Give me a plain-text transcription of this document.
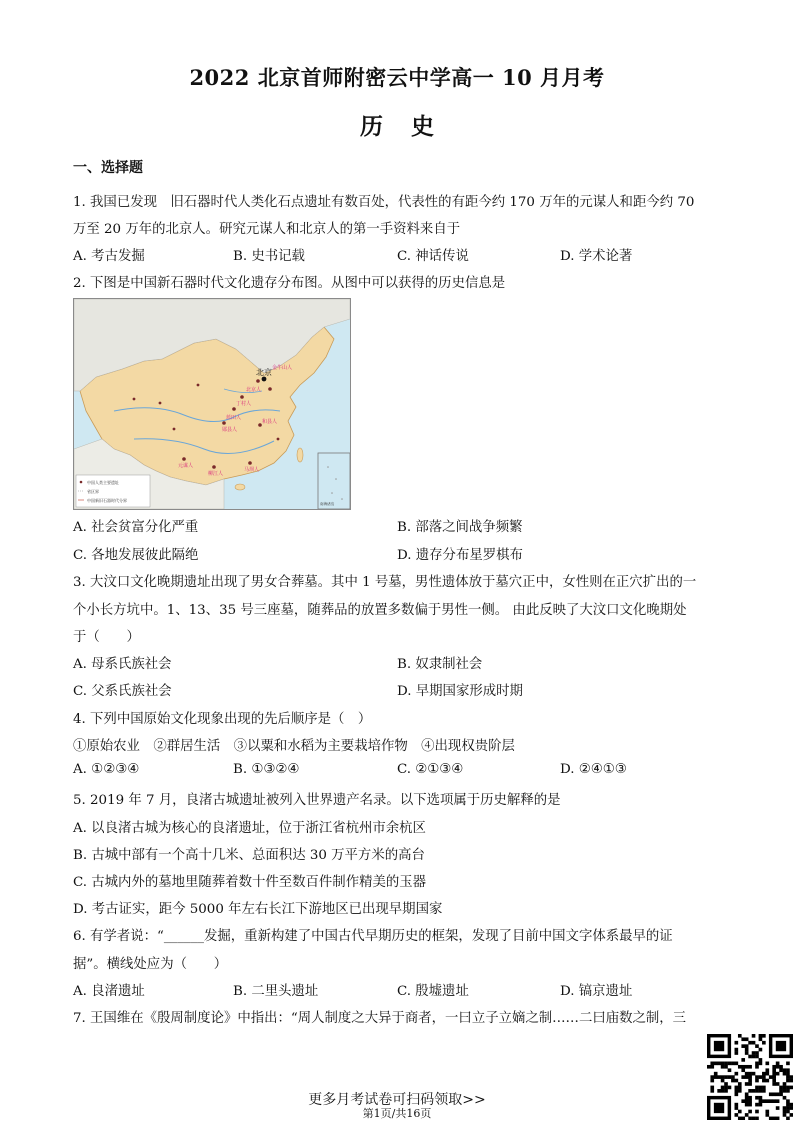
2022 北京首师附密云中学高一 10 月月考
历史
一、选择题
1. 我国已发现　旧石器时代人类化石点遗址有数百处，代表性的有距今约 170 万年的元谋人和距今约 70
万至 20 万年的北京人。研究元谋人和北京人的第一手资料来自于
A. 考古发掘	B. 史书记载	C. 神话传说	D. 学术论著
2. 下图是中国新石器时代文化遗存分布图。从图中可以获得的历史信息是
北京 金牛山人
北京人
丁村人
蓝田人
郧县人
和县人
元谋人
马坝人
柳江人
南海诸岛
中国人类主要遗址
省区界
中国新旧石器时代分界
A. 社会贫富分化严重	B. 部落之间战争频繁
C. 各地发展彼此隔绝	D. 遗存分布星罗棋布
3. 大汶口文化晚期遗址出现了男女合葬墓。其中 1 号墓，男性遗体放于墓穴正中，女性则在正穴扩出的一
个小长方坑中。1、13、35 号三座墓，随葬品的放置多数偏于男性一侧。 由此反映了大汶口文化晚期处
于（　　）
A. 母系氏族社会	B. 奴隶制社会
C. 父系氏族社会	D. 早期国家形成时期
4. 下列中国原始文化现象出现的先后顺序是（　）
①原始农业　②群居生活　③以粟和水稻为主要栽培作物　④出现权贵阶层
A. ①②③④	B. ①③②④	C. ②①③④	D. ②④①③
5. 2019 年 7 月，良渚古城遗址被列入世界遗产名录。以下选项属于历史解释的是
A. 以良渚古城为核心的良渚遗址，位于浙江省杭州市余杭区
B. 古城中部有一个高十几米、总面积达 30 万平方米的高台
C. 古城内外的墓地里随葬着数十件至数百件制作精美的玉器
D. 考古证实，距今 5000 年左右长江下游地区已出现早期国家
6. 有学者说：“______发掘，重新构建了中国古代早期历史的框架，发现了目前中国文字体系最早的证
据”。横线处应为（　　）
A. 良渚遗址	B. 二里头遗址	C. 殷墟遗址	D. 镐京遗址
7. 王国维在《殷周制度论》中指出：“周人制度之大异于商者，一曰立子立嫡之制……二曰庙数之制，三
更多月考试卷可扫码领取>>
第1页/共16页
